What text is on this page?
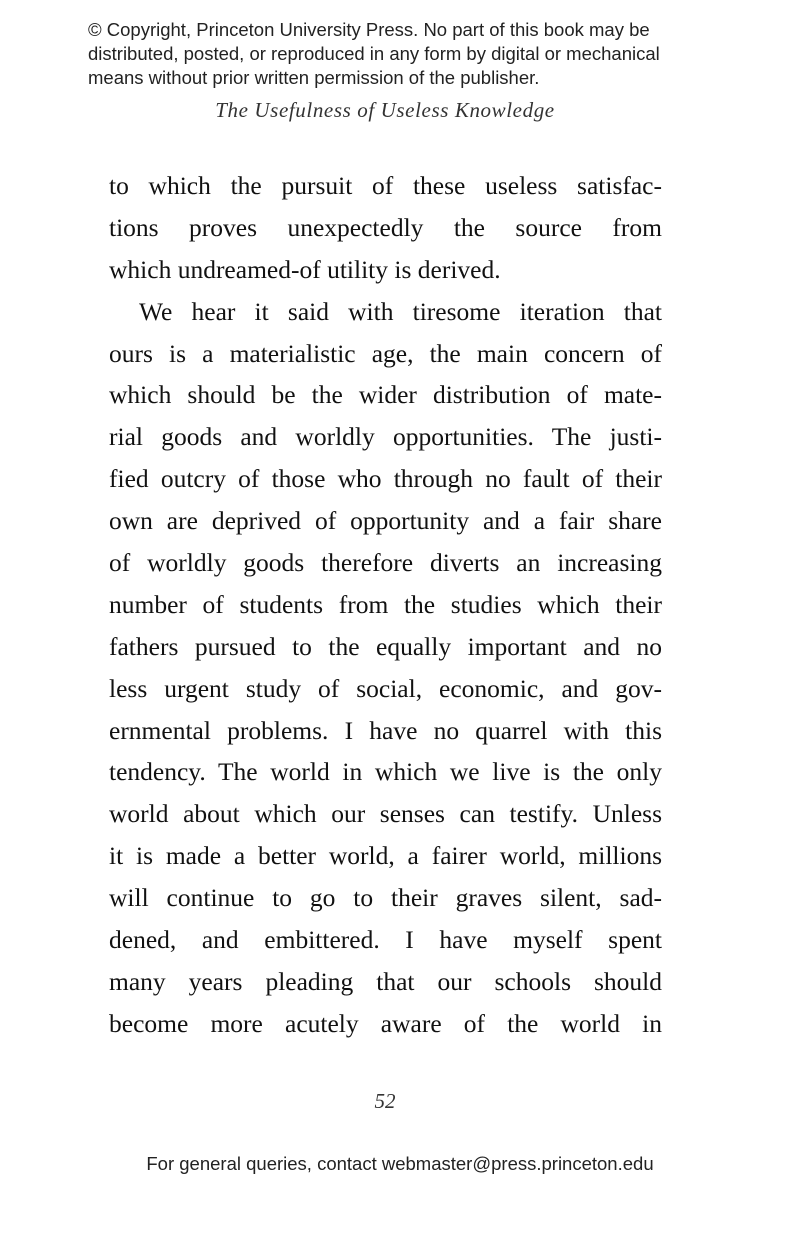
© Copyright, Princeton University Press. No part of this book may be
distributed, posted, or reproduced in any form by digital or mechanical
means without prior written permission of the publisher.
The Usefulness of Useless Knowledge
to which the pursuit of these useless satisfac-
tions proves unexpectedly the source from
which undreamed-of utility is derived.
We hear it said with tiresome iteration that
ours is a materialistic age, the main concern of
which should be the wider distribution of mate-
rial goods and worldly opportunities. The justi-
fied outcry of those who through no fault of their
own are deprived of opportunity and a fair share
of worldly goods therefore diverts an increasing
number of students from the studies which their
fathers pursued to the equally important and no
less urgent study of social, economic, and gov-
ernmental problems. I have no quarrel with this
tendency. The world in which we live is the only
world about which our senses can testify. Unless
it is made a better world, a fairer world, millions
will continue to go to their graves silent, sad-
dened, and embittered. I have myself spent
many years pleading that our schools should
become more acutely aware of the world in
52
For general queries, contact webmaster@press.princeton.edu
